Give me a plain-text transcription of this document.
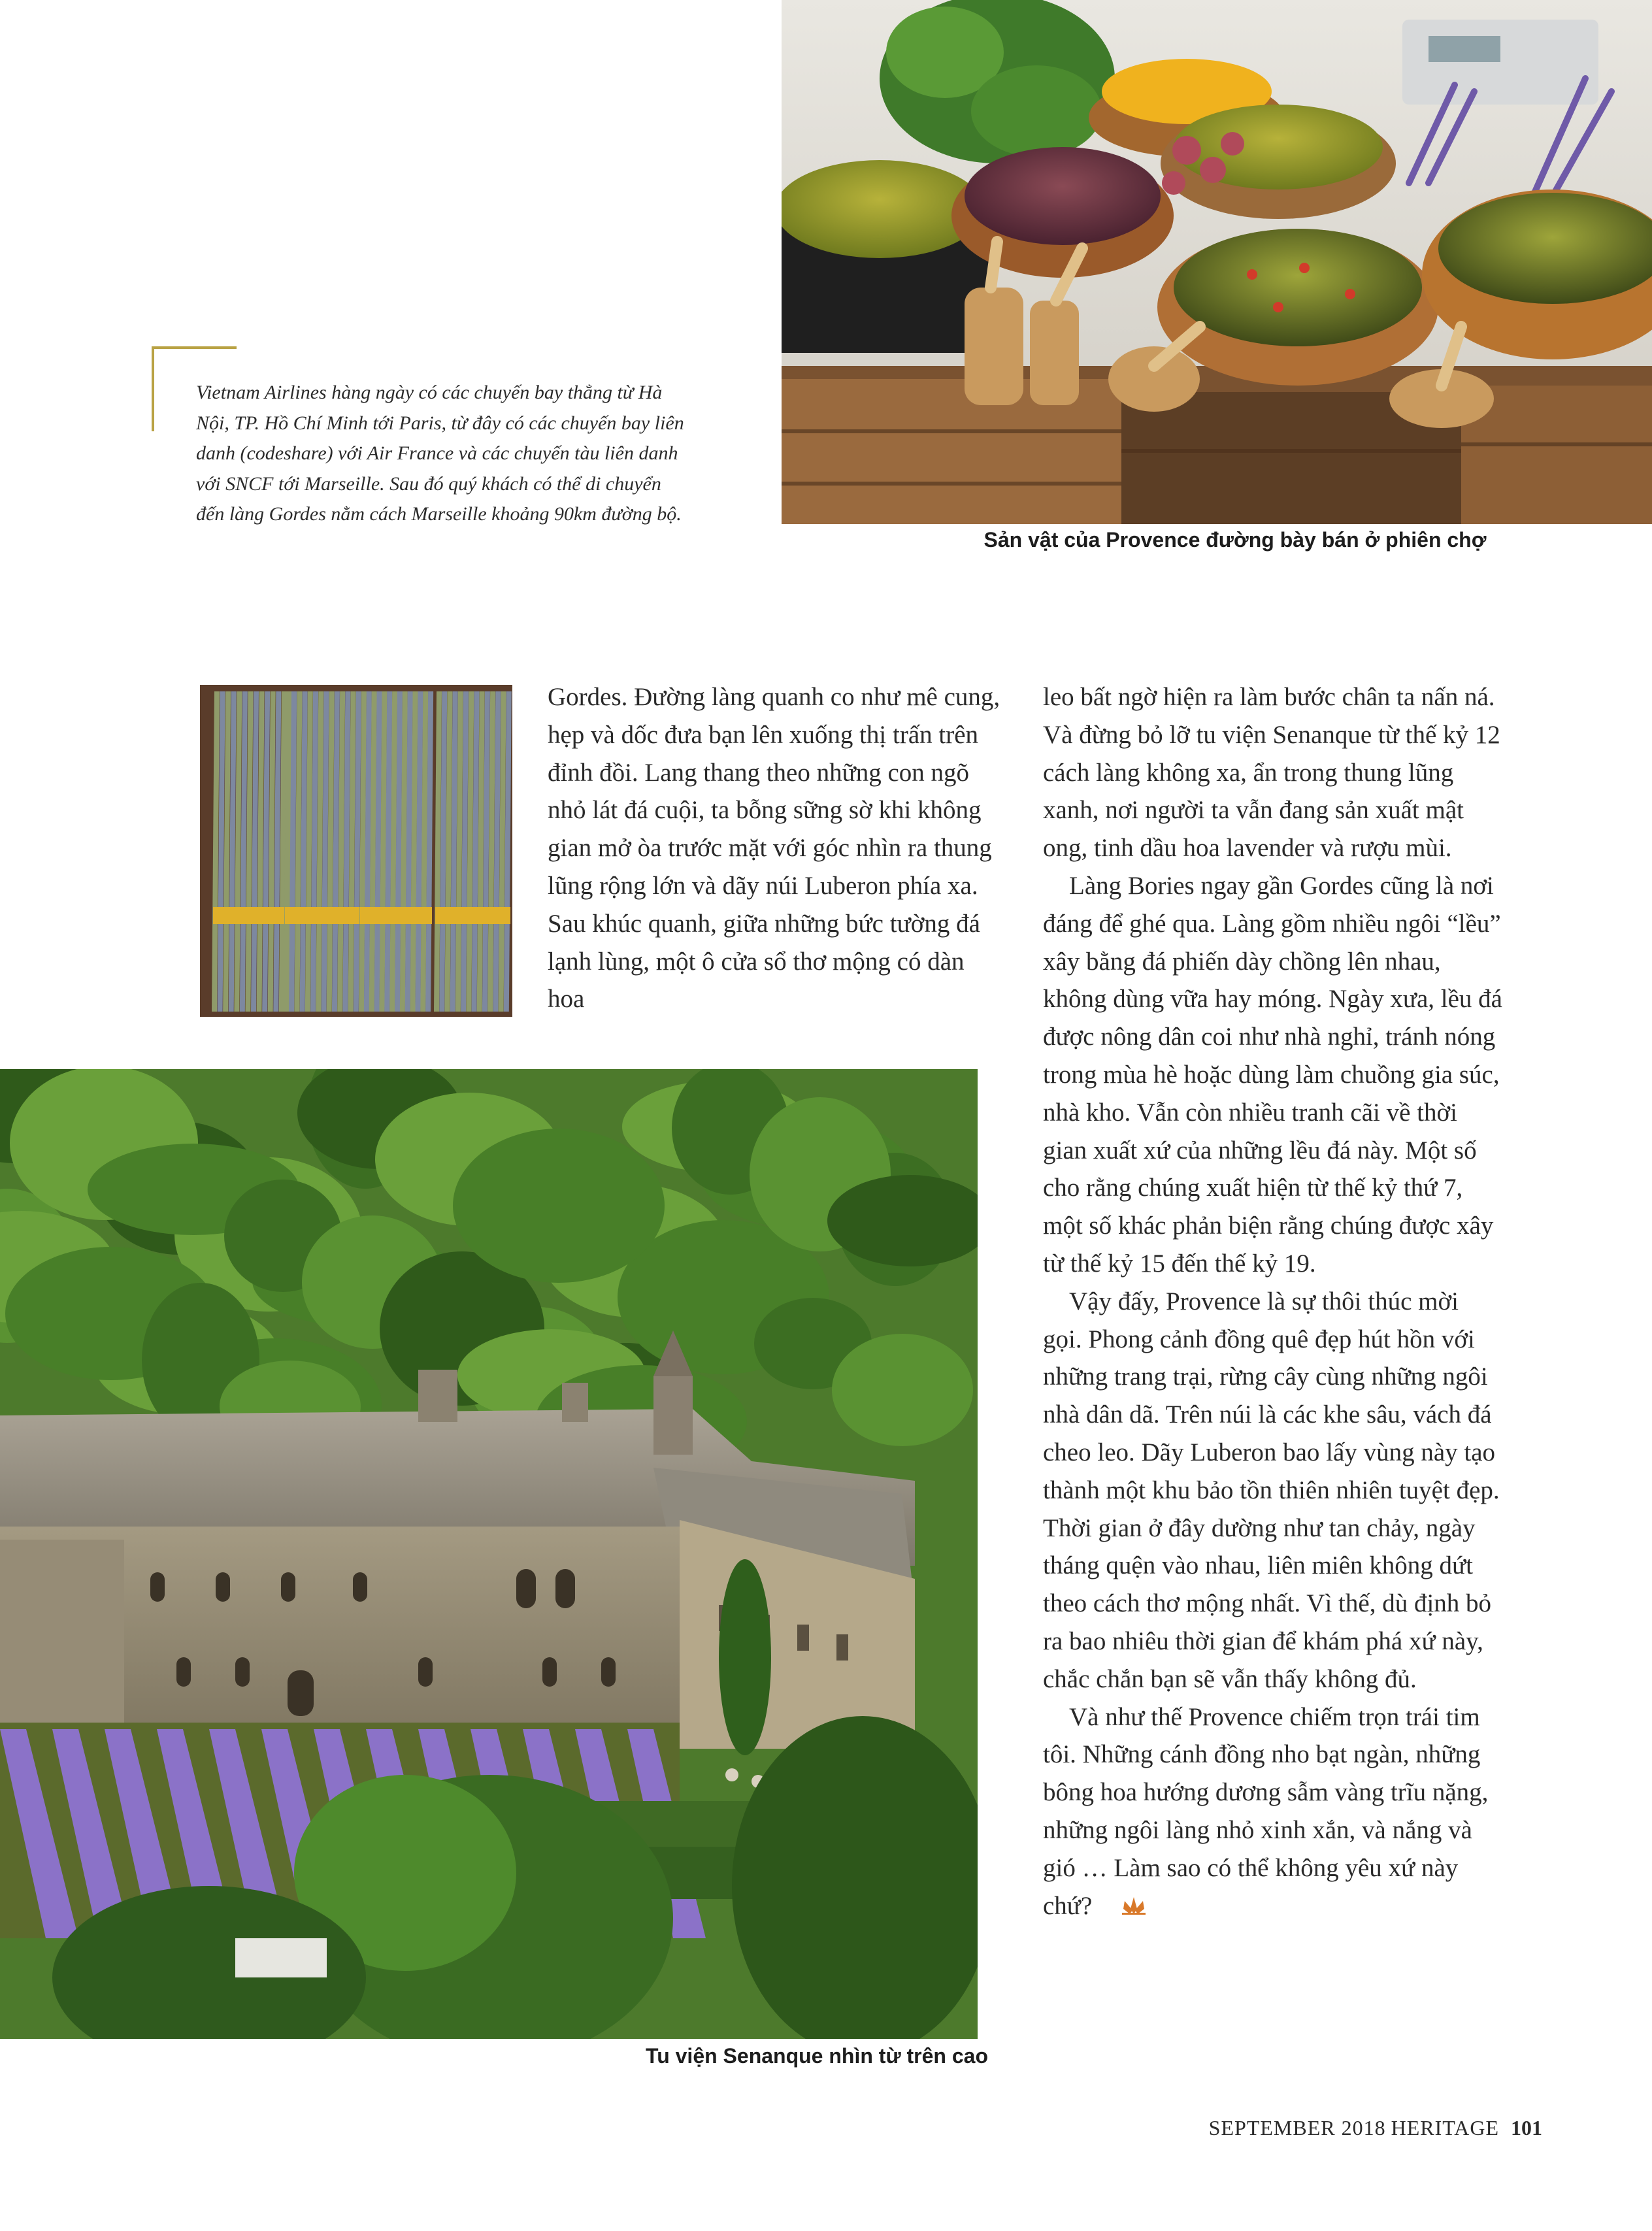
Sản vật của Provence đường bày bán ở phiên chợ

Vietnam Airlines hàng ngày có các chuyến bay thẳng từ Hà Nội, TP. Hồ Chí Minh tới Paris, từ đây có các chuyến bay liên danh (codeshare) với Air France và các chuyến tàu liên danh với SNCF tới Marseille. Sau đó quý khách có thể di chuyển đến làng Gordes nằm cách Marseille khoảng 90km đường bộ.

Gordes. Đường làng quanh co như mê cung, hẹp và dốc đưa bạn lên xuống thị trấn trên đỉnh đồi. Lang thang theo những con ngõ nhỏ lát đá cuội, ta bỗng sững sờ khi không gian mở òa trước mặt với góc nhìn ra thung lũng rộng lớn và dãy núi Luberon phía xa. Sau khúc quanh, giữa những bức tường đá lạnh lùng, một ô cửa sổ thơ mộng có dàn hoa

leo bất ngờ hiện ra làm bước chân ta nấn ná. Và đừng bỏ lỡ tu viện Senanque từ thế kỷ 12 cách làng không xa, ẩn trong thung lũng xanh, nơi người ta vẫn đang sản xuất mật ong, tinh dầu hoa lavender và rượu mùi.

Làng Bories ngay gần Gordes cũng là nơi đáng để ghé qua. Làng gồm nhiều ngôi “lều” xây bằng đá phiến dày chồng lên nhau, không dùng vữa hay móng. Ngày xưa, lều đá được nông dân coi như nhà nghỉ, tránh nóng trong mùa hè hoặc dùng làm chuồng gia súc, nhà kho. Vẫn còn nhiều tranh cãi về thời gian xuất xứ của những lều đá này. Một số cho rằng chúng xuất hiện từ thế kỷ thứ 7, một số khác phản biện rằng chúng được xây từ thế kỷ 15 đến thế kỷ 19.

Vậy đấy, Provence là sự thôi thúc mời gọi. Phong cảnh đồng quê đẹp hút hồn với những trang trại, rừng cây cùng những ngôi nhà dân dã. Trên núi là các khe sâu, vách đá cheo leo. Dãy Luberon bao lấy vùng này tạo thành một khu bảo tồn thiên nhiên tuyệt đẹp. Thời gian ở đây dường như tan chảy, ngày tháng quện vào nhau, liên miên không dứt theo cách thơ mộng nhất. Vì thế, dù định bỏ ra bao nhiêu thời gian để khám phá xứ này, chắc chắn bạn sẽ vẫn thấy không đủ.

Và như thế Provence chiếm trọn trái tim tôi. Những cánh đồng nho bạt ngàn, những bông hoa hướng dương sẫm vàng trĩu nặng, những ngôi làng nhỏ xinh xắn, và nắng và gió … Làm sao có thể không yêu xứ này chứ?

Tu viện Senanque nhìn từ trên cao
SEPTEMBER 2018 HERITAGE 101
